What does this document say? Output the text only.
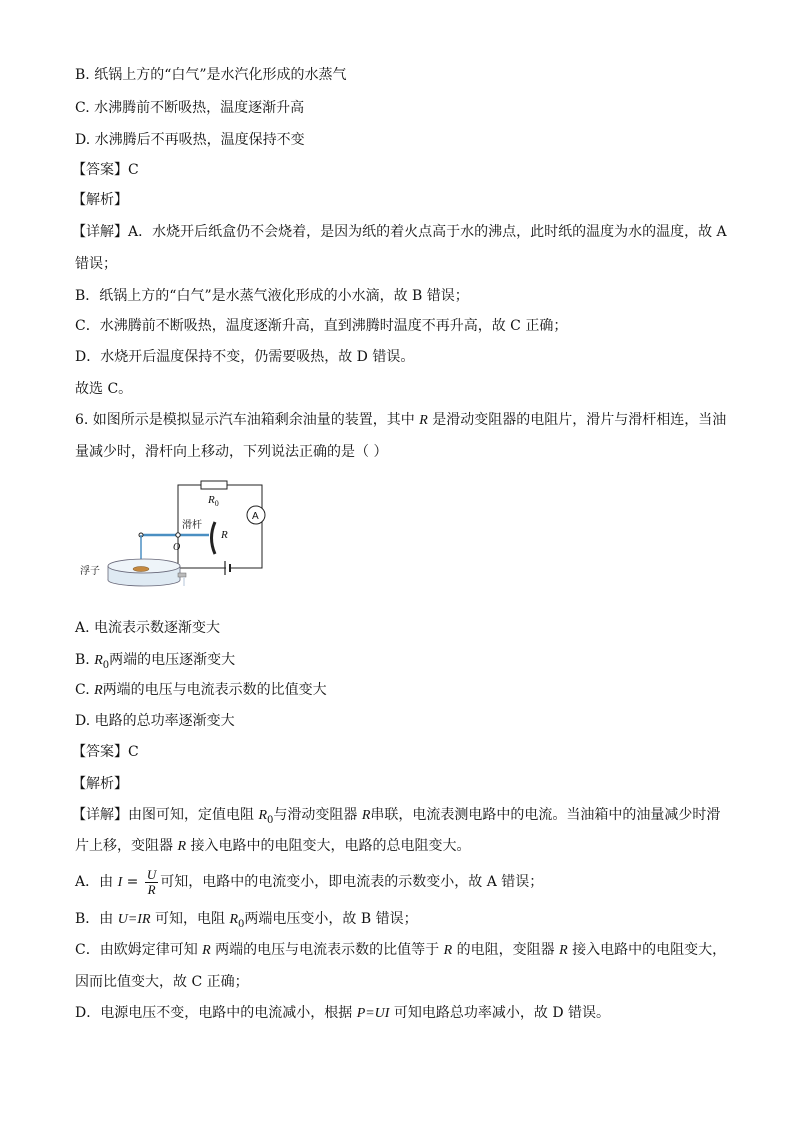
B. 纸锅上方的“白气”是水汽化形成的水蒸气
C. 水沸腾前不断吸热，温度逐渐升高
D. 水沸腾后不再吸热，温度保持不变
【答案】C
【解析】
【详解】A．水烧开后纸盒仍不会烧着，是因为纸的着火点高于水的沸点，此时纸的温度为水的温度，故 A
错误；
B．纸锅上方的“白气”是水蒸气液化形成的小水滴，故 B 错误；
C．水沸腾前不断吸热，温度逐渐升高，直到沸腾时温度不再升高，故 C 正确；
D．水烧开后温度保持不变，仍需要吸热，故 D 错误。
故选 C。
6. 如图所示是模拟显示汽车油箱剩余油量的装置，其中 R 是滑动变阻器的电阻片，滑片与滑杆相连，当油
量减少时，滑杆向上移动，下列说法正确的是（ ）
$R_0$
A
R
O
滑杆
浮子
A. 电流表示数逐渐变大
B. $R_0$两端的电压逐渐变大
C. R两端的电压与电流表示数的比值变大
D. 电路的总功率逐渐变大
【答案】C
【解析】
【详解】由图可知，定值电阻 $R_0$与滑动变阻器 R串联，电流表测电路中的电流。当油箱中的油量减少时滑
片上移，变阻器 R 接入电路中的电阻变大，电路的总电阻变大。
A．由 $I = \frac{U}{R}$ 可知，电路中的电流变小，即电流表的示数变小，故 A 错误；
B．由 U=IR 可知，电阻 $R_0$两端电压变小，故 B 错误；
C．由欧姆定律可知 R 两端的电压与电流表示数的比值等于 R 的电阻，变阻器 R 接入电路中的电阻变大，
因而比值变大，故 C 正确；
D．电源电压不变，电路中的电流减小，根据 P=UI 可知电路总功率减小，故 D 错误。
